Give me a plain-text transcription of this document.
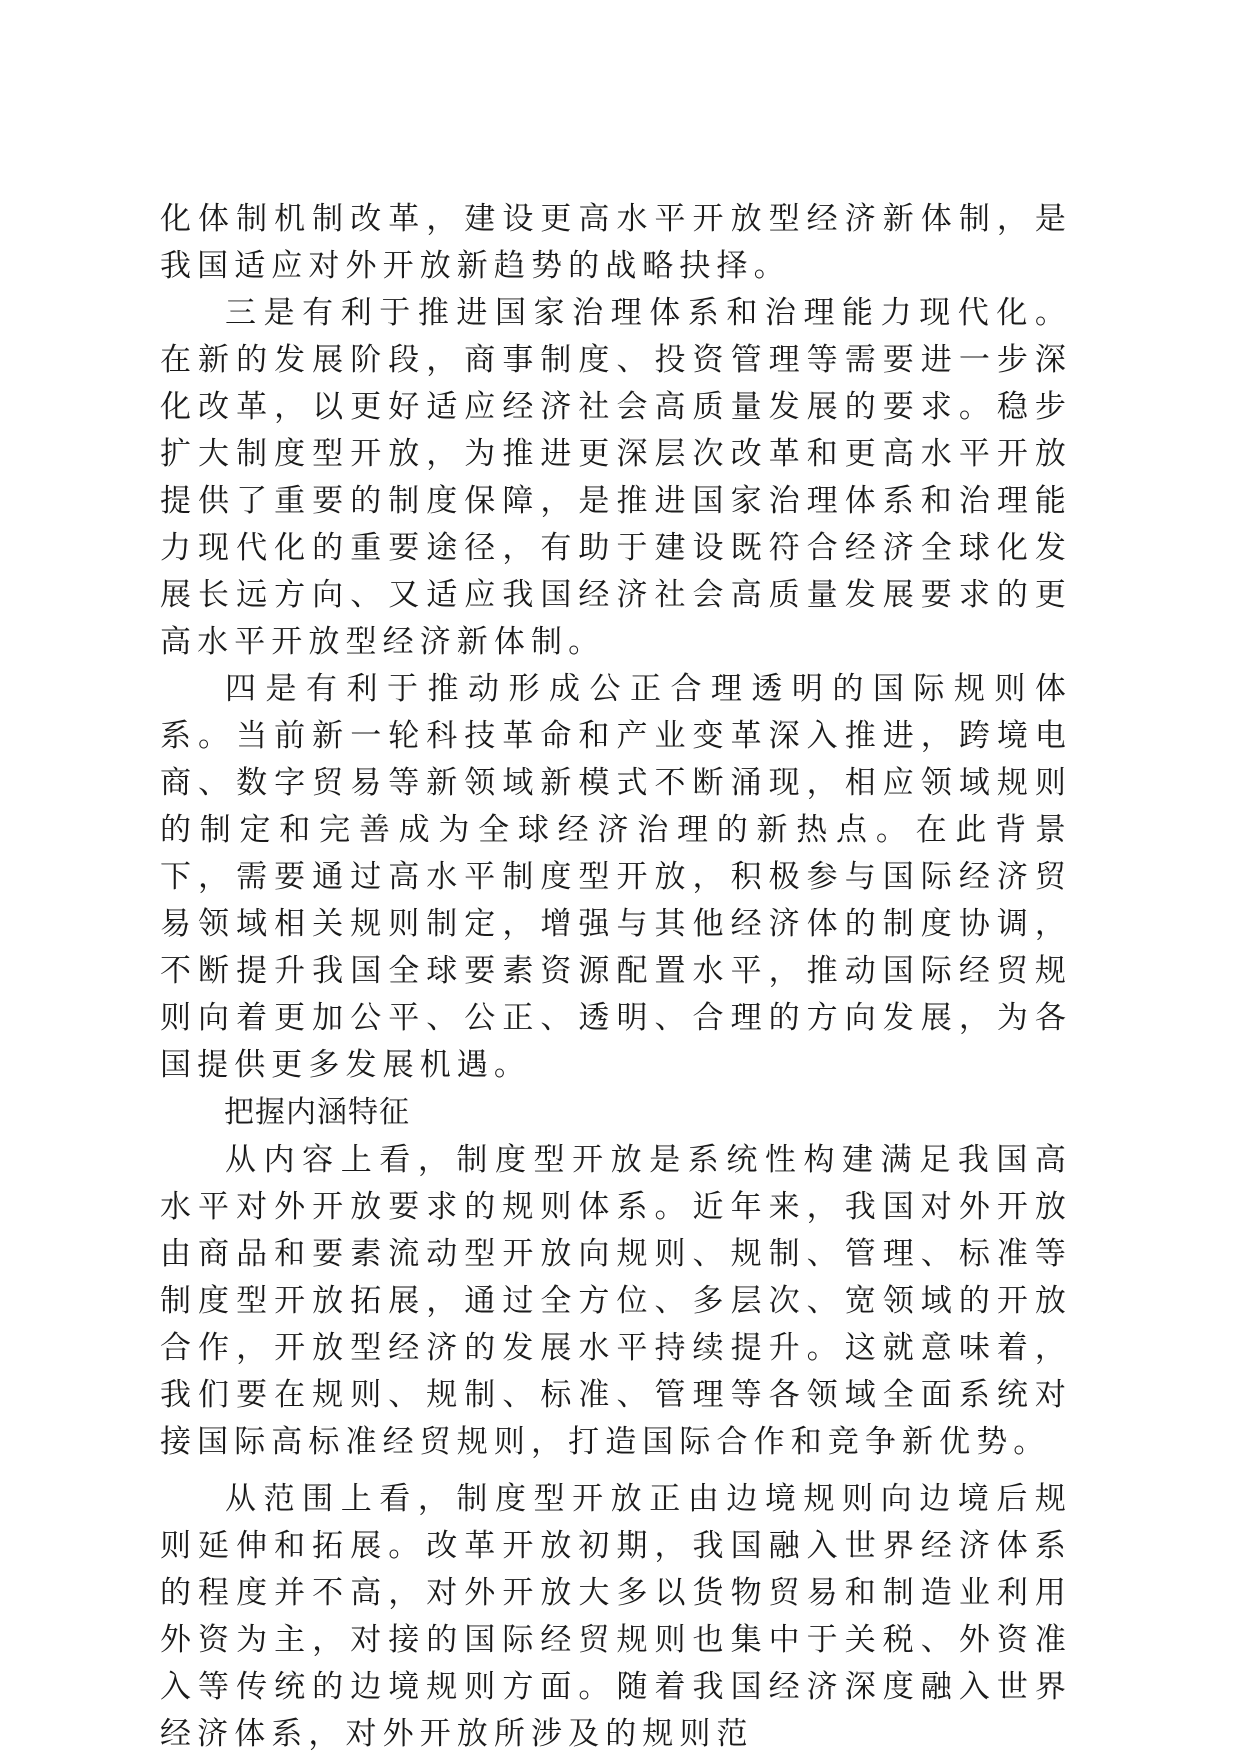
化体制机制改革，建设更高水平开放型经济新体制，是我国适应对外开放新趋势的战略抉择。

三是有利于推进国家治理体系和治理能力现代化。在新的发展阶段，商事制度、投资管理等需要进一步深化改革，以更好适应经济社会高质量发展的要求。稳步扩大制度型开放，为推进更深层次改革和更高水平开放提供了重要的制度保障，是推进国家治理体系和治理能力现代化的重要途径，有助于建设既符合经济全球化发展长远方向、又适应我国经济社会高质量发展要求的更高水平开放型经济新体制。

四是有利于推动形成公正合理透明的国际规则体系。当前新一轮科技革命和产业变革深入推进，跨境电商、数字贸易等新领域新模式不断涌现，相应领域规则的制定和完善成为全球经济治理的新热点。在此背景下，需要通过高水平制度型开放，积极参与国际经济贸易领域相关规则制定，增强与其他经济体的制度协调，不断提升我国全球要素资源配置水平，推动国际经贸规则向着更加公平、公正、透明、合理的方向发展，为各国提供更多发展机遇。

把握内涵特征

从内容上看，制度型开放是系统性构建满足我国高水平对外开放要求的规则体系。近年来，我国对外开放由商品和要素流动型开放向规则、规制、管理、标准等制度型开放拓展，通过全方位、多层次、宽领域的开放合作，开放型经济的发展水平持续提升。这就意味着，我们要在规则、规制、标准、管理等各领域全面系统对接国际高标准经贸规则，打造国际合作和竞争新优势。

从范围上看，制度型开放正由边境规则向边境后规则延伸和拓展。改革开放初期，我国融入世界经济体系的程度并不高，对外开放大多以货物贸易和制造业利用外资为主，对接的国际经贸规则也集中于关税、外资准入等传统的边境规则方面。随着我国经济深度融入世界经济体系，对外开放所涉及的规则范
